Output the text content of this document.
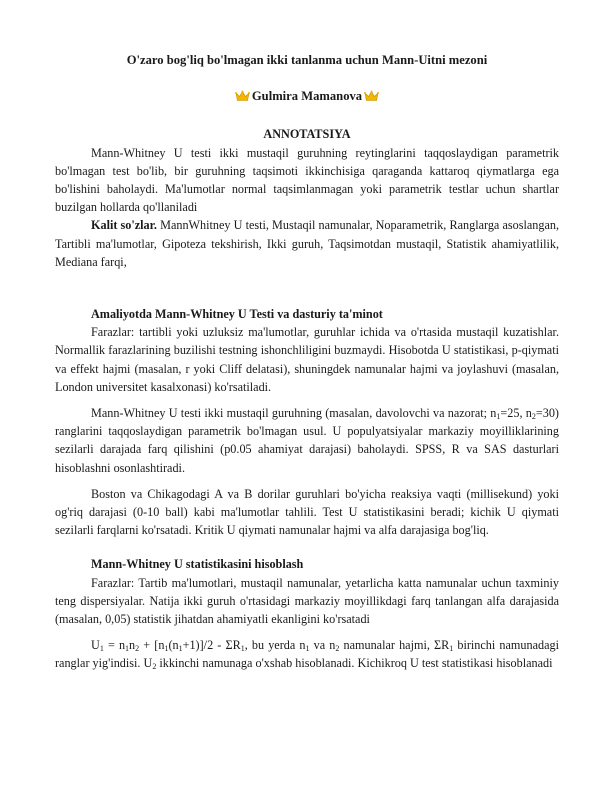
O'zaro bog'liq bo'lmagan ikki tanlanma uchun Mann-Uitni mezoni
Gulmira Mamanova
ANNOTATSIYA

Mann-Whitney U testi ikki mustaqil guruhning reytinglarini taqqoslaydigan parametrik bo'lmagan test bo'lib, bir guruhning taqsimoti ikkinchisiga qaraganda kattaroq qiymatlarga ega bo'lishini baholaydi. Ma'lumotlar normal taqsimlanmagan yoki parametrik testlar uchun shartlar buzilgan hollarda qo'llaniladi

Kalit so'zlar. MannWhitney U testi, Mustaqil namunalar, Noparametrik, Ranglarga asoslangan, Tartibli ma'lumotlar, Gipoteza tekshirish, Ikki guruh, Taqsimotdan mustaqil, Statistik ahamiyatlilik, Mediana farqi,

Amaliyotda Mann-Whitney U Testi va dasturiy ta'minot

Farazlar: tartibli yoki uzluksiz ma'lumotlar, guruhlar ichida va o'rtasida mustaqil kuzatishlar. Normallik farazlarining buzilishi testning ishonchliligini buzmaydi. Hisobotda U statistikasi, p-qiymati va effekt hajmi (masalan, r yoki Cliff delatasi), shuningdek namunalar hajmi va joylashuvi (masalan, London universitet kasalxonasi) ko'rsatiladi.

Mann-Whitney U testi ikki mustaqil guruhning (masalan, davolovchi va nazorat; $n_1=25$, $n_2=30$) ranglarini taqqoslaydigan parametrik bo'lmagan usul. U populyatsiyalar markaziy moyilliklarining sezilarli darajada farq qilishini (p0.05 ahamiyat darajasi) baholaydi. SPSS, R va SAS dasturlari hisoblashni osonlashtiradi.

Boston va Chikagodagi A va B dorilar guruhlari bo'yicha reaksiya vaqti (millisekund) yoki og'riq darajasi (0-10 ball) kabi ma'lumotlar tahlili. Test U statistikasini beradi; kichik U qiymati sezilarli farqlarni ko'rsatadi. Kritik U qiymati namunalar hajmi va alfa darajasiga bog'liq.

Mann-Whitney U statistikasini hisoblash

Farazlar: Tartib ma'lumotlari, mustaqil namunalar, yetarlicha katta namunalar uchun taxminiy teng dispersiyalar. Natija ikki guruh o'rtasidagi markaziy moyillikdagi farq tanlangan alfa darajasida (masalan, 0,05) statistik jihatdan ahamiyatli ekanligini ko'rsatadi

$U_1 = n_1n_2 + [n_1(n_1+1)]/2 - \Sigma R_1$, bu yerda $n_1$ va $n_2$ namunalar hajmi, $\Sigma R_1$ birinchi namunadagi ranglar yig'indisi. $U_2$ ikkinchi namunaga o'xshab hisoblanadi. Kichikroq U test statistikasi hisoblanadi
